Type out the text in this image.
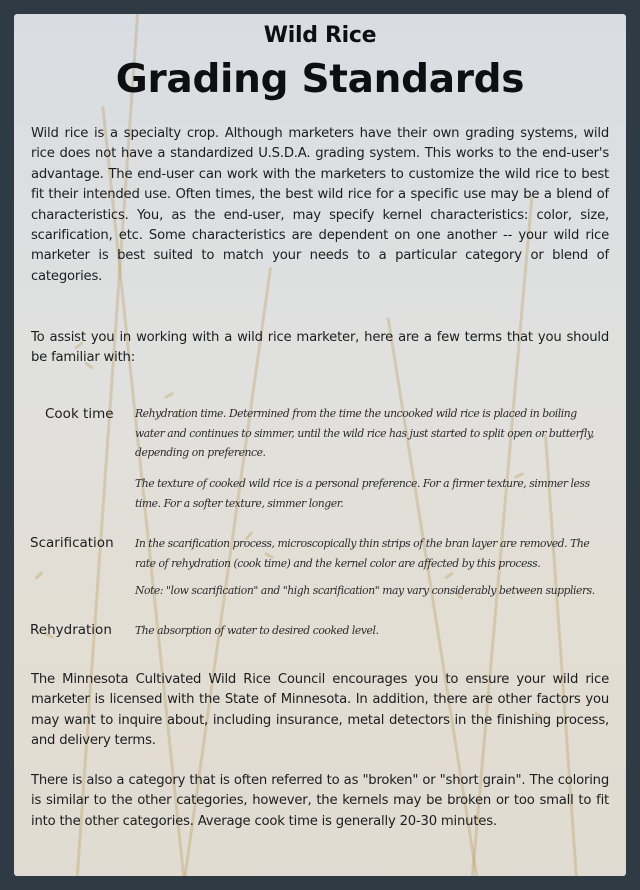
Wild Rice
Grading Standards

Wild rice is a specialty crop. Although marketers have their own grading systems, wild rice does not have a standardized U.S.D.A. grading system. This works to the end-user's advantage. The end-user can work with the marketers to customize the wild rice to best fit their intended use. Often times, the best wild rice for a specific use may be a blend of characteristics. You, as the end-user, may specify kernel characteristics: color, size, scarification, etc. Some characteristics are dependent on one another -- your wild rice marketer is best suited to match your needs to a particular category or blend of categories.

To assist you in working with a wild rice marketer, here are a few terms that you should be familiar with:

Cook time Rehydration time. Determined from the time the uncooked wild rice is placed in boiling water and continues to simmer, until the wild rice has just started to split open or butterfly, depending on preference.

The texture of cooked wild rice is a personal preference. For a firmer texture, simmer less time. For a softer texture, simmer longer.

Scarification In the scarification process, microscopically thin strips of the bran layer are removed. The rate of rehydration (cook time) and the kernel color are affected by this process.

Note: "low scarification" and "high scarification" may vary considerably between suppliers.

Rehydration The absorption of water to desired cooked level.

The Minnesota Cultivated Wild Rice Council encourages you to ensure your wild rice marketer is licensed with the State of Minnesota. In addition, there are other factors you may want to inquire about, including insurance, metal detectors in the finishing process, and delivery terms.

There is also a category that is often referred to as "broken" or "short grain". The coloring is similar to the other categories, however, the kernels may be broken or too small to fit into the other categories. Average cook time is generally 20-30 minutes.
